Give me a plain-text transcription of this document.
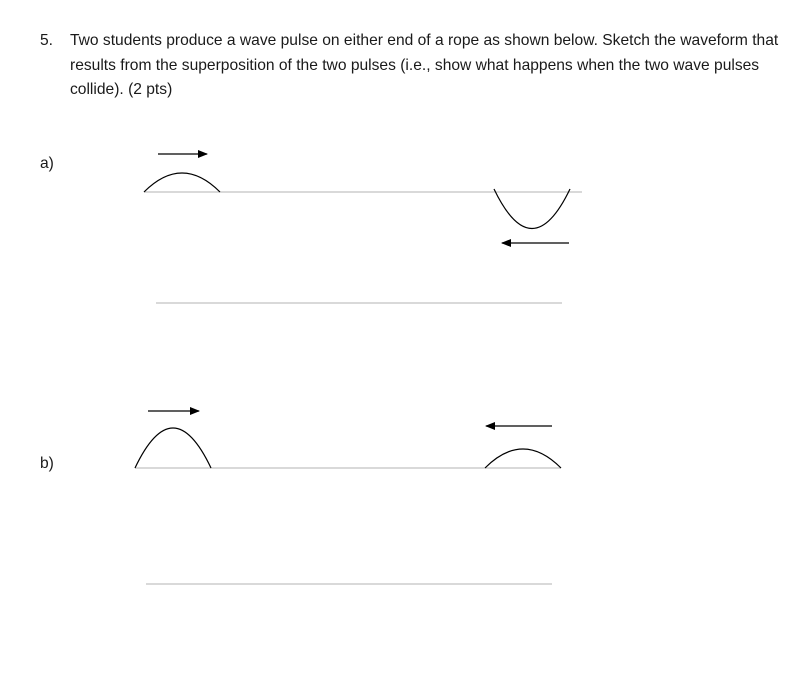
5. Two students produce a wave pulse on either end of a rope as shown below. Sketch the waveform that results from the superposition of the two pulses (i.e., show what happens when the two wave pulses collide). (2 pts)
a)
b)
